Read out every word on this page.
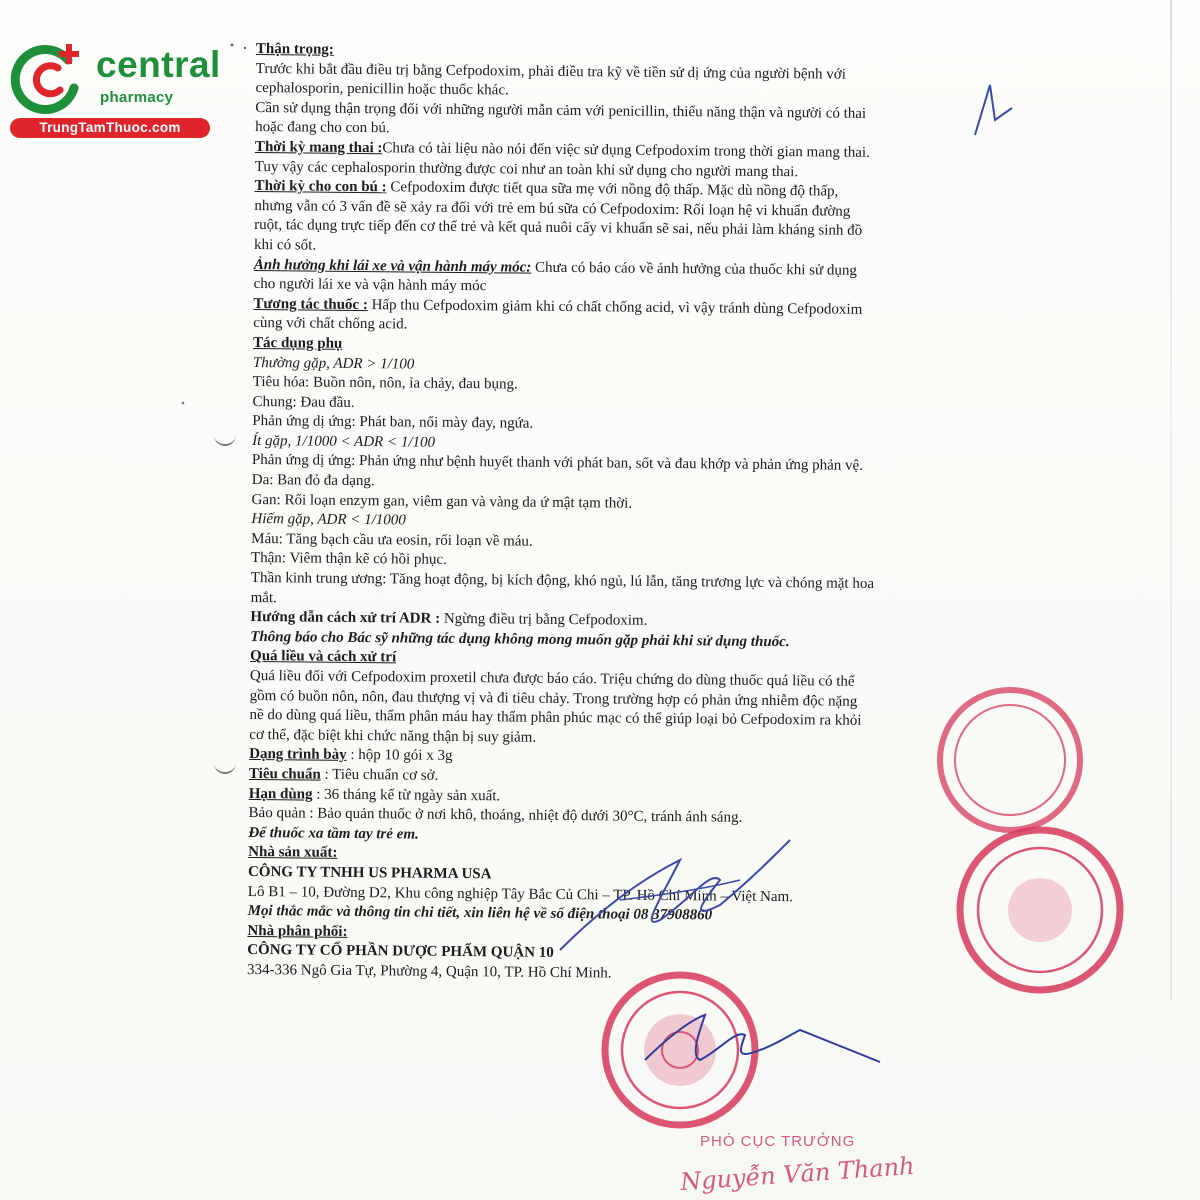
central
pharmacy
TrungTamThuoc.com

Thận trọng:

Trước khi bắt đầu điều trị bằng Cefpodoxim, phải điều tra kỹ về tiền sử dị ứng của người bệnh với

cephalosporin, penicillin hoặc thuốc khác.

Cần sử dụng thận trọng đối với những người mẫn cảm với penicillin, thiểu năng thận và người có thai

hoặc đang cho con bú.

Thời kỳ mang thai :Chưa có tài liệu nào nói đến việc sử dụng Cefpodoxim trong thời gian mang thai.

Tuy vậy các cephalosporin thường được coi như an toàn khi sử dụng cho người mang thai.

Thời kỳ cho con bú : Cefpodoxim được tiết qua sữa mẹ với nồng độ thấp. Mặc dù nồng độ thấp,

nhưng vẫn có 3 vấn đề sẽ xảy ra đối với trẻ em bú sữa có Cefpodoxim: Rối loạn hệ vi khuẩn đường

ruột, tác dụng trực tiếp đến cơ thể trẻ và kết quả nuôi cấy vi khuẩn sẽ sai, nếu phải làm kháng sinh đồ

khi có sốt.

Ảnh hưởng khi lái xe và vận hành máy móc: Chưa có báo cáo về ảnh hưởng của thuốc khi sử dụng

cho người lái xe và vận hành máy móc

Tương tác thuốc : Hấp thu Cefpodoxim giảm khi có chất chống acid, vì vậy tránh dùng Cefpodoxim

cùng với chất chống acid.

Tác dụng phụ

Thường gặp, ADR > 1/100

Tiêu hóa: Buồn nôn, nôn, ỉa chảy, đau bụng.

Chung: Đau đầu.

Phản ứng dị ứng: Phát ban, nổi mày đay, ngứa.

Ít gặp, 1/1000 < ADR < 1/100

Phản ứng dị ứng: Phản ứng như bệnh huyết thanh với phát ban, sốt và đau khớp và phản ứng phản vệ.

Da: Ban đỏ đa dạng.

Gan: Rối loạn enzym gan, viêm gan và vàng da ứ mật tạm thời.

Hiếm gặp, ADR < 1/1000

Máu: Tăng bạch cầu ưa eosin, rối loạn về máu.

Thận: Viêm thận kẽ có hồi phục.

Thần kinh trung ương: Tăng hoạt động, bị kích động, khó ngủ, lú lẫn, tăng trương lực và chóng mặt hoa

mắt.

Hướng dẫn cách xử trí ADR : Ngừng điều trị bằng Cefpodoxim.

Thông báo cho Bác sỹ những tác dụng không mong muốn gặp phải khi sử dụng thuốc.

Quá liều và cách xử trí

Quá liều đối với Cefpodoxim proxetil chưa được báo cáo. Triệu chứng do dùng thuốc quá liều có thể

gồm có buồn nôn, nôn, đau thượng vị và đi tiêu chảy. Trong trường hợp có phản ứng nhiễm độc nặng

nề do dùng quá liều, thẩm phân máu hay thẩm phân phúc mạc có thể giúp loại bỏ Cefpodoxim ra khỏi

cơ thể, đặc biệt khi chức năng thận bị suy giảm.

Dạng trình bày : hộp 10 gói x 3g

Tiêu chuẩn : Tiêu chuẩn cơ sở.

Hạn dùng : 36 tháng kể từ ngày sản xuất.

Bảo quản : Bảo quản thuốc ở nơi khô, thoáng, nhiệt độ dưới 30°C, tránh ánh sáng.

Để thuốc xa tầm tay trẻ em.

Nhà sản xuất:

CÔNG TY TNHH US PHARMA USA

Lô B1 – 10, Đường D2, Khu công nghiệp Tây Bắc Củ Chi – TP. Hồ Chí Minh – Việt Nam.

Mọi thắc mắc và thông tin chi tiết, xin liên hệ về số điện thoại 08 37908860

Nhà phân phối:

CÔNG TY CỔ PHẦN DƯỢC PHẨM QUẬN 10

334-336 Ngô Gia Tự, Phường 4, Quận 10, TP. Hồ Chí Minh.

PHÓ CỤC TRƯỞNG
Nguyễn Văn Thanh
